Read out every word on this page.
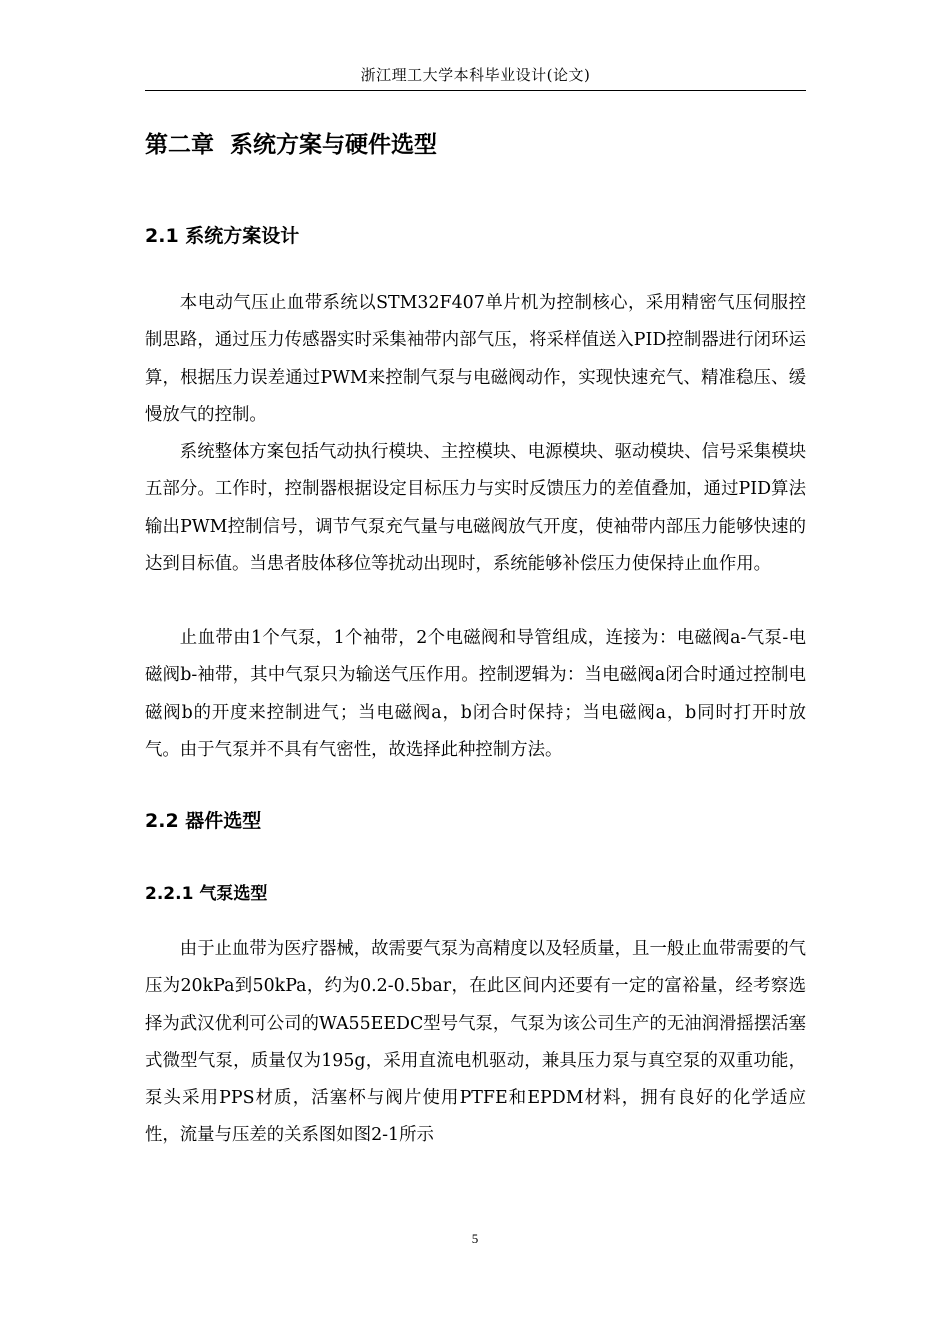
浙江理工大学本科毕业设计(论文)
第二章  系统方案与硬件选型
2.1 系统方案设计

本电动气压止血带系统以STM32F407单片机为控制核心，采用精密气压伺服控制思路，通过压力传感器实时采集袖带内部气压，将采样值送入PID控制器进行闭环运算，根据压力误差通过PWM来控制气泵与电磁阀动作，实现快速充气、精准稳压、缓慢放气的控制。

系统整体方案包括气动执行模块、主控模块、电源模块、驱动模块、信号采集模块五部分。工作时，控制器根据设定目标压力与实时反馈压力的差值叠加，通过PID算法输出PWM控制信号，调节气泵充气量与电磁阀放气开度，使袖带内部压力能够快速的达到目标值。当患者肢体移位等扰动出现时，系统能够补偿压力使保持止血作用。

止血带由1个气泵，1个袖带，2个电磁阀和导管组成，连接为：电磁阀a-气泵-电磁阀b-袖带，其中气泵只为输送气压作用。控制逻辑为：当电磁阀a闭合时通过控制电磁阀b的开度来控制进气；当电磁阀a，b闭合时保持；当电磁阀a，b同时打开时放气。由于气泵并不具有气密性，故选择此种控制方法。

2.2 器件选型
2.2.1 气泵选型

由于止血带为医疗器械，故需要气泵为高精度以及轻质量，且一般止血带需要的气压为20kPa到50kPa，约为0.2-0.5bar，在此区间内还要有一定的富裕量，经考察选择为武汉优利可公司的WA55EEDC型号气泵，气泵为该公司生产的无油润滑摇摆活塞式微型气泵，质量仅为195g，采用直流电机驱动，兼具压力泵与真空泵的双重功能，泵头采用PPS材质，活塞杯与阀片使用PTFE和EPDM材料，拥有良好的化学适应性，流量与压差的关系图如图2-1所示

5
